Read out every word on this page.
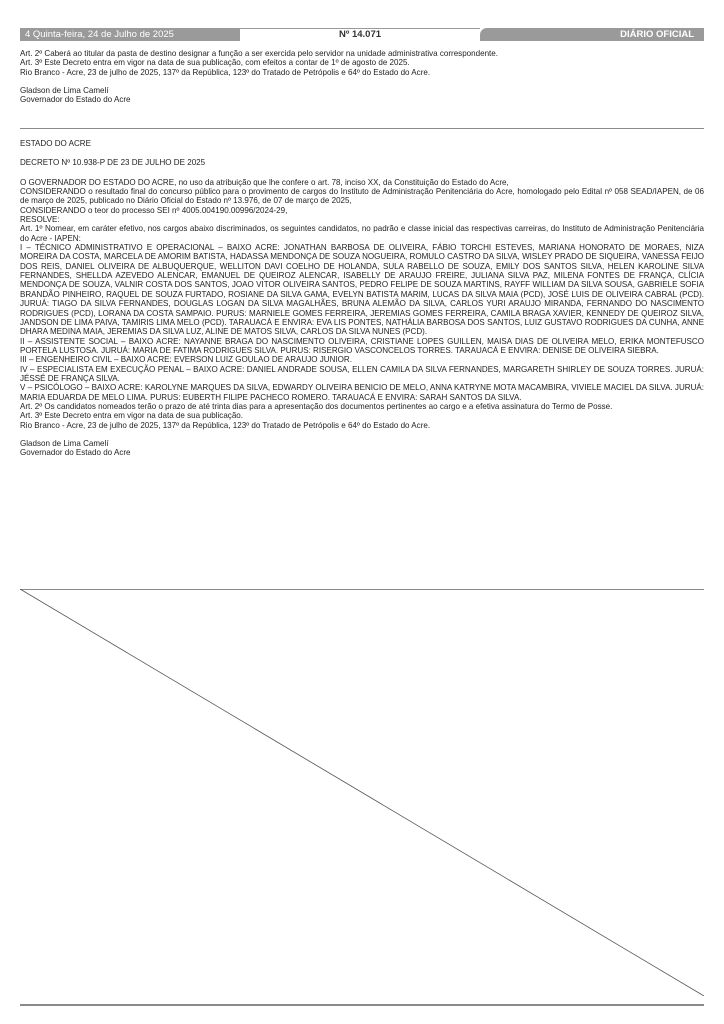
4 Quinta-feira, 24 de Julho de 2025	Nº 14.071	DIÁRIO OFICIAL

Art. 2º Caberá ao titular da pasta de destino designar a função a ser exercida pelo servidor na unidade administrativa correspondente.

Art. 3º Este Decreto entra em vigor na data de sua publicação, com efeitos a contar de 1º de agosto de 2025.

Rio Branco - Acre, 23 de julho de 2025, 137º da República, 123º do Tratado de Petrópolis e 64º do Estado do Acre.

Gladson de Lima Camelí

Governador do Estado do Acre

ESTADO DO ACRE

DECRETO Nº 10.938-P DE 23 DE JULHO DE 2025

O GOVERNADOR DO ESTADO DO ACRE, no uso da atribuição que lhe confere o art. 78, inciso XX, da Constituição do Estado do Acre,

CONSIDERANDO o resultado final do concurso público para o provimento de cargos do Instituto de Administração Penitenciária do Acre, homologado pelo Edital nº 058 SEAD/IAPEN, de 06 de março de 2025, publicado no Diário Oficial do Estado nº 13.976, de 07 de março de 2025,

CONSIDERANDO o teor do processo SEI nº 4005.004190.00996/2024-29,

RESOLVE:

Art. 1º Nomear, em caráter efetivo, nos cargos abaixo discriminados, os seguintes candidatos, no padrão e classe inicial das respectivas carreiras, do Instituto de Administração Penitenciária do Acre - IAPEN:

I – TÉCNICO ADMINISTRATIVO E OPERACIONAL – BAIXO ACRE: JONATHAN BARBOSA DE OLIVEIRA, FÁBIO TORCHI ESTEVES, MARIANA HONORATO DE MORAES, NIZA MOREIRA DA COSTA, MARCELA DE AMORIM BATISTA, HADASSA MENDONÇA DE SOUZA NOGUEIRA, ROMULO CASTRO DA SILVA, WISLEY PRADO DE SIQUEIRA, VANESSA FEIJO DOS REIS, DANIEL OLIVEIRA DE ALBUQUERQUE, WELLITON DAVI COELHO DE HOLANDA, SULA RABELLO DE SOUZA, EMILY DOS SANTOS SILVA, HELEN KAROLINE SILVA FERNANDES, SHELLDA AZEVEDO ALENCAR, EMANUEL DE QUEIROZ ALENCAR, ISABELLY DE ARAUJO FREIRE, JULIANA SILVA PAZ, MILENA FONTES DE FRANÇA, CLÍCIA MENDONÇA DE SOUZA, VALNIR COSTA DOS SANTOS, JOAO VITOR OLIVEIRA SANTOS, PEDRO FELIPE DE SOUZA MARTINS, RAYFF WILLIAM DA SILVA SOUSA, GABRIELE SOFIA BRANDÃO PINHEIRO, RAQUEL DE SOUZA FURTADO, ROSIANE DA SILVA GAMA, EVELYN BATISTA MARIM, LUCAS DA SILVA MAIA (PCD), JOSÉ LUIS DE OLIVEIRA CABRAL (PCD). JURUÁ: TIAGO DA SILVA FERNANDES, DOUGLAS LOGAN DA SILVA MAGALHÃES, BRUNA ALEMÃO DA SILVA, CARLOS YURI ARAUJO MIRANDA, FERNANDO DO NASCIMENTO RODRIGUES (PCD), LORANA DA COSTA SAMPAIO. PURUS: MARNIELE GOMES FERREIRA, JEREMIAS GOMES FERREIRA, CAMILA BRAGA XAVIER, KENNEDY DE QUEIROZ SILVA, JANDSON DE LIMA PAIVA, TAMIRIS LIMA MELO (PCD). TARAUACÁ E ENVIRA: EVA LIS PONTES, NATHÁLIA BARBOSA DOS SANTOS, LUIZ GUSTAVO RODRIGUES DA CUNHA, ANNE DHARA MEDINA MAIA, JEREMIAS DA SILVA LUZ, ALINE DE MATOS SILVA, CARLOS DA SILVA NUNES (PCD).

II – ASSISTENTE SOCIAL – BAIXO ACRE: NAYANNE BRAGA DO NASCIMENTO OLIVEIRA, CRISTIANE LOPES GUILLEN, MAISA DIAS DE OLIVEIRA MELO, ERIKA MONTEFUSCO PORTELA LUSTOSA. JURUÁ: MARIA DE FATIMA RODRIGUES SILVA. PURUS: RISERGIO VASCONCELOS TORRES. TARAUACÁ E ENVIRA: DENISE DE OLIVEIRA SIEBRA.

III – ENGENHEIRO CIVIL – BAIXO ACRE: EVERSON LUIZ GOULAO DE ARAUJO JUNIOR.

IV – ESPECIALISTA EM EXECUÇÃO PENAL – BAIXO ACRE: DANIEL ANDRADE SOUSA, ELLEN CAMILA DA SILVA FERNANDES, MARGARETH SHIRLEY DE SOUZA TORRES. JURUÁ: JÉSSÉ DE FRANÇA SILVA.

V – PSICÓLOGO – BAIXO ACRE: KAROLYNE MARQUES DA SILVA, EDWARDY OLIVEIRA BENICIO DE MELO, ANNA KATRYNE MOTA MACAMBIRA, VIVIELE MACIEL DA SILVA. JURUÁ: MARIA EDUARDA DE MELO LIMA. PURUS: EUBERTH FILIPE PACHECO ROMERO. TARAUACÁ E ENVIRA: SARAH SANTOS DA SILVA.

Art. 2º Os candidatos nomeados terão o prazo de até trinta dias para a apresentação dos documentos pertinentes ao cargo e a efetiva assinatura do Termo de Posse.

Art. 3º Este Decreto entra em vigor na data de sua publicação.

Rio Branco - Acre, 23 de julho de 2025, 137º da República, 123º do Tratado de Petrópolis e 64º do Estado do Acre.

Gladson de Lima Camelí

Governador do Estado do Acre
